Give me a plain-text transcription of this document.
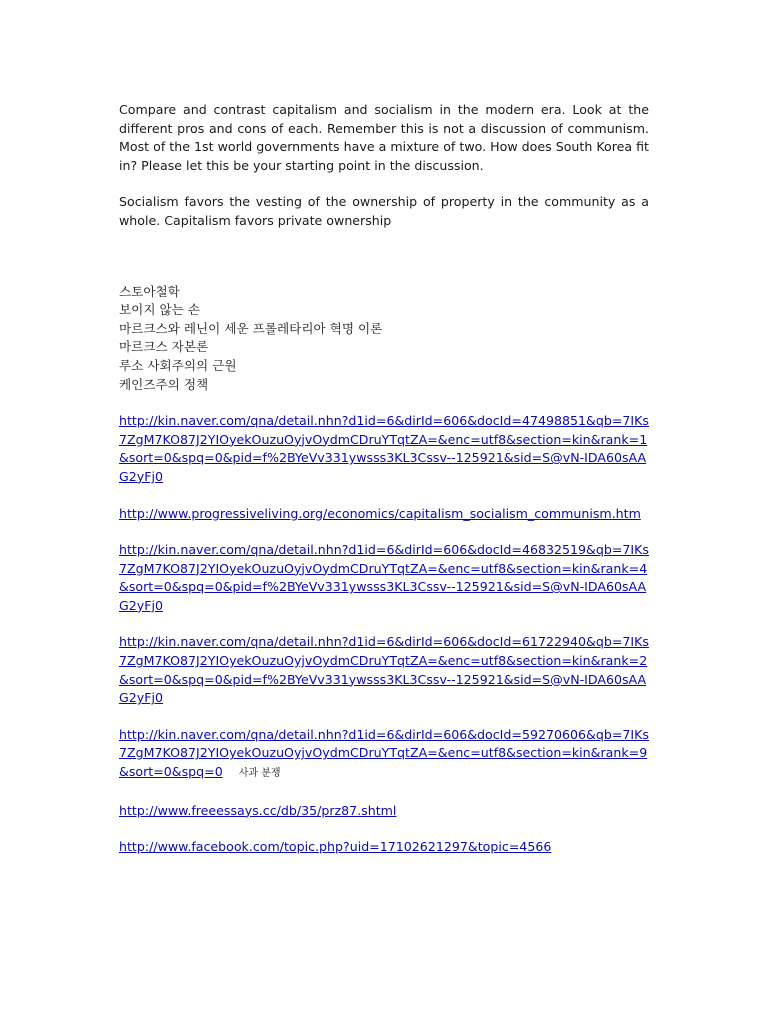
Compare and contrast capitalism and socialism in the modern era. Look at the different pros and cons of each. Remember this is not a discussion of communism. Most of the 1st world governments have a mixture of two. How does South Korea fit in? Please let this be your starting point in the discussion.

Socialism favors the vesting of the ownership of property in the community as a whole. Capitalism favors private ownership

스토아철학
보이지 않는 손
마르크스와 레닌이 세운 프롤레타리아 혁명 이론
마르크스 자본론
루소 사회주의의 근원
케인즈주의 정책
http://kin.naver.com/qna/detail.nhn?d1id=6&dirId=606&docId=47498851&qb=7IKs7ZgM7KO87J2YIOyekOuzuOyjvOydmCDruYTqtZA=&enc=utf8&section=kin&rank=1&sort=0&spq=0&pid=f%2BYeVv331ywsss3KL3Cssv--125921&sid=S@vN-IDA60sAAG2yFj0
http://www.progressiveliving.org/economics/capitalism_socialism_communism.htm
http://kin.naver.com/qna/detail.nhn?d1id=6&dirId=606&docId=46832519&qb=7IKs7ZgM7KO87J2YIOyekOuzuOyjvOydmCDruYTqtZA=&enc=utf8&section=kin&rank=4&sort=0&spq=0&pid=f%2BYeVv331ywsss3KL3Cssv--125921&sid=S@vN-IDA60sAAG2yFj0
http://kin.naver.com/qna/detail.nhn?d1id=6&dirId=606&docId=61722940&qb=7IKs7ZgM7KO87J2YIOyekOuzuOyjvOydmCDruYTqtZA=&enc=utf8&section=kin&rank=2&sort=0&spq=0&pid=f%2BYeVv331ywsss3KL3Cssv--125921&sid=S@vN-IDA60sAAG2yFj0
http://kin.naver.com/qna/detail.nhn?d1id=6&dirId=606&docId=59270606&qb=7IKs7ZgM7KO87J2YIOyekOuzuOyjvOydmCDruYTqtZA=&enc=utf8&section=kin&rank=9&sort=0&spq=0 사과 분쟁
http://www.freeessays.cc/db/35/prz87.shtml
http://www.facebook.com/topic.php?uid=17102621297&topic=4566
